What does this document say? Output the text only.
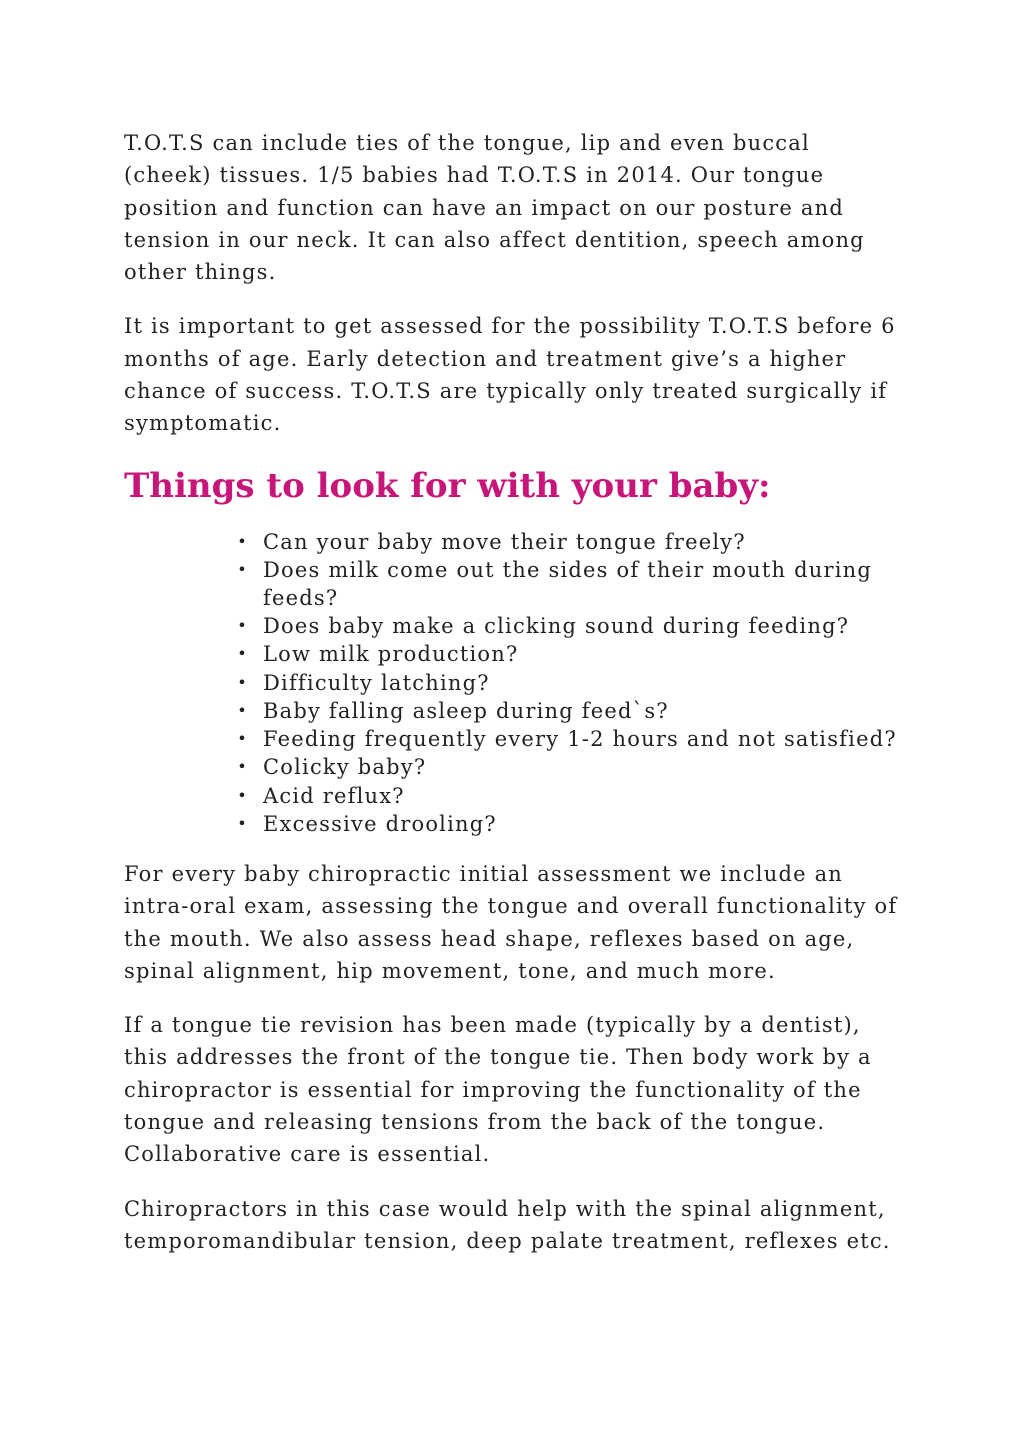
T.O.T.S can include ties of the tongue, lip and even buccal (cheek) tissues. 1/5 babies had T.O.T.S in 2014. Our tongue position and function can have an impact on our posture and tension in our neck. It can also affect dentition, speech among other things.

It is important to get assessed for the possibility T.O.T.S before 6 months of age. Early detection and treatment give’s a higher chance of success. T.O.T.S are typically only treated surgically if symptomatic.

Things to look for with your baby:
• Can your baby move their tongue freely?
• Does milk come out the sides of their mouth during feeds?
• Does baby make a clicking sound during feeding?
• Low milk production?
• Difficulty latching?
• Baby falling asleep during feed`s?
• Feeding frequently every 1-2 hours and not satisfied?
• Colicky baby?
• Acid reflux?
• Excessive drooling?

For every baby chiropractic initial assessment we include an intra-oral exam, assessing the tongue and overall functionality of the mouth. We also assess head shape, reflexes based on age, spinal alignment, hip movement, tone, and much more.

If a tongue tie revision has been made (typically by a dentist), this addresses the front of the tongue tie. Then body work by a chiropractor is essential for improving the functionality of the tongue and releasing tensions from the back of the tongue. Collaborative care is essential.

Chiropractors in this case would help with the spinal alignment, temporomandibular tension, deep palate treatment, reflexes etc.
